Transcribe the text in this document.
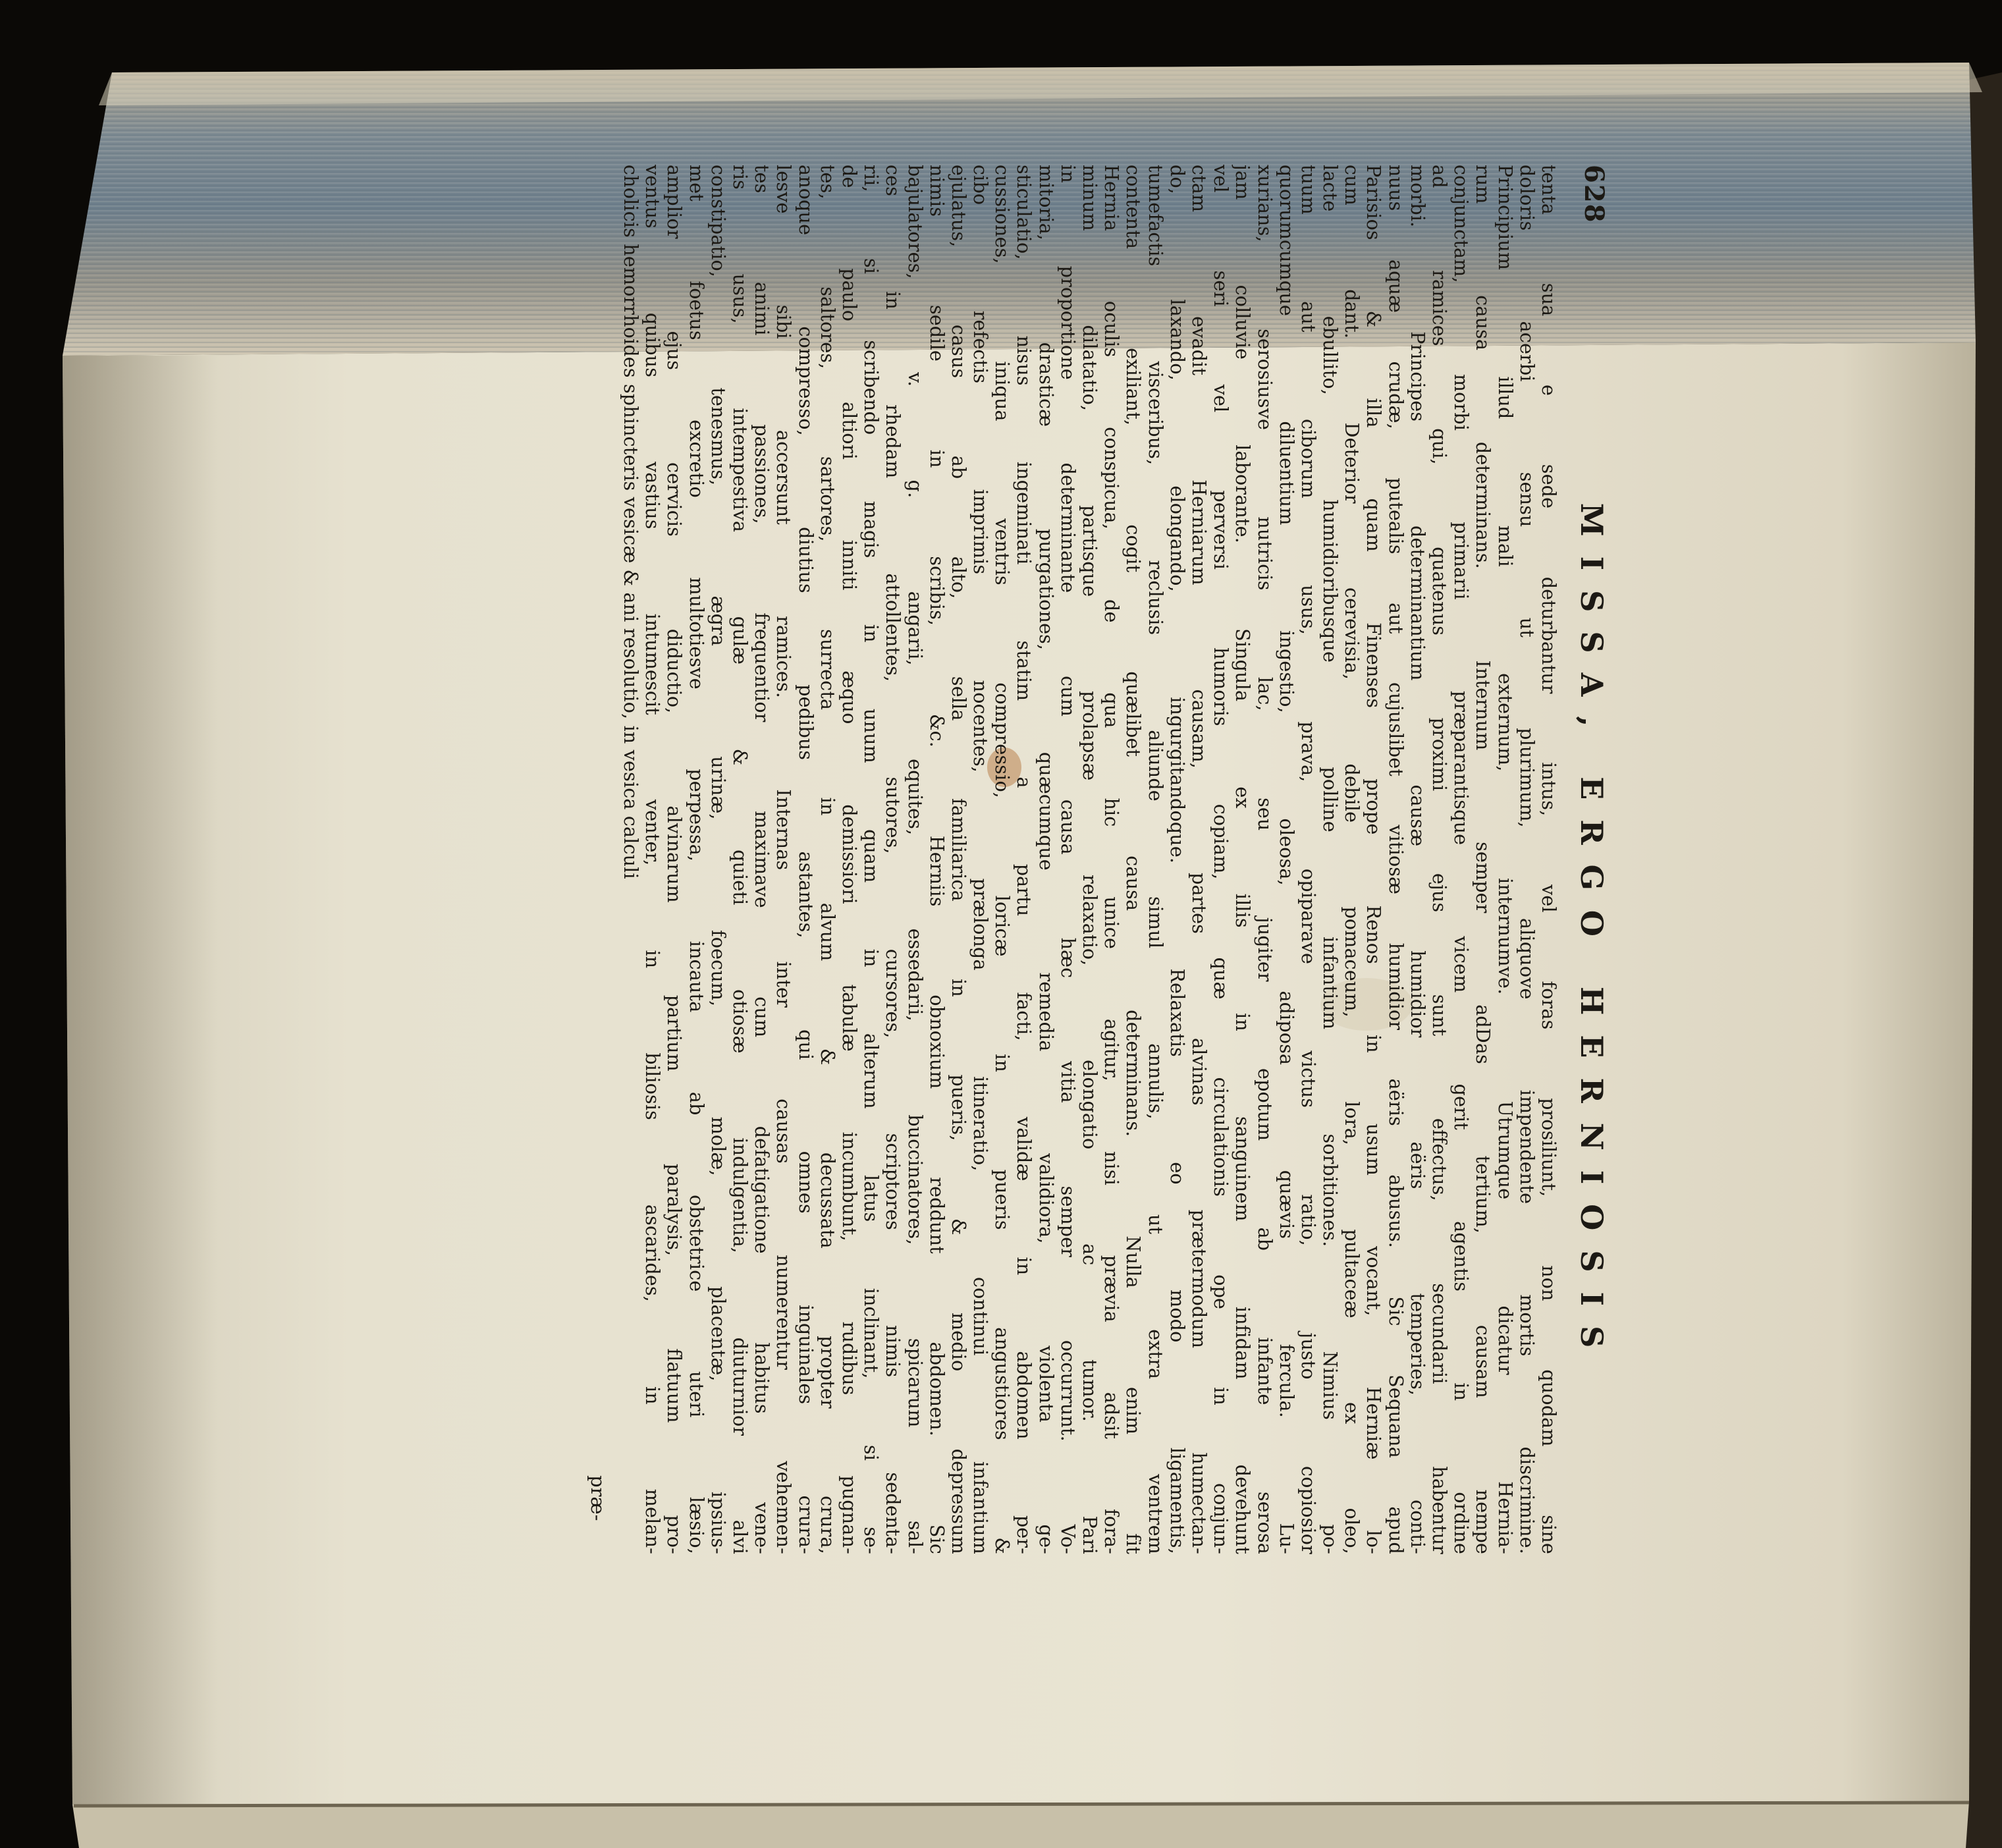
628
MISSA, ERGO HERNIOSIS
tenta sua e sede deturbantur intus, vel foras prosiliunt, non quodam sine
doloris acerbi sensu ut plurimum, aliquove impendente mortis discrimine.
Principium illud mali externum, internumve. Utrumque dicatur Hernia-
rum causa determinans. Internum semper adDas tertium, causam nempe
conjunctam, morbi primarii præparantisque vicem gerit agentis in ordine
ad ramices qui, quatenus proximi ejus sunt effectus, secundarii habentur
morbi. Principes determinantium causæ humidior aëris temperies, conti-
nuus aquæ crudæ, putealis aut cujuslibet vitiosæ humidior aëris abusus. Sic Sequana apud
Parisios & illa quam Finenses prope Renos in usum vocant, Herniæ lo-
cum dant. Deterior cerevisia, debile pomaceum, lora, pultaceæ ex oleo,
lacte ebullito, humidioribusque polline infantium sorbitiones. Nimius po-
tuum aut ciborum usus, prava, opiparave victus ratio, justo copiosior
quorumcumque diluentium ingestio, oleosa, adiposa quævis fercula. Lu-
xurians, serosiusve nutricis lac, seu jugiter epotum ab infante serosa
jam colluvie laborante. Singula ex illis in sanguinem infidam devehunt
vel seri vel perversi humoris copiam, quæ circulationis ope in conjun-
ctam evadit Herniarum causam, partes alvinas prætermodum humectan-
do, laxando, elongando, ingurgitandoque. Relaxatis eo modo ligamentis,
tumefactis visceribus, reclusis aliunde simul annulis, ut extra ventrem
contenta exiliant, cogit quælibet causa determinans. Nulla enim fit
Hernia oculis conspicua, de qua hic unice agitur, nisi prævia adsit fora-
minum dilatatio, partisque prolapsæ relaxatio, elongatio ac tumor. Pari
in proportione determinante cum causa hæc vitia semper occurrunt. Vo-
mitoria, drasticæ purgationes, quæcumque remedia validiora, violenta ge-
sticulatio, nisus ingeminati statim a partu facti, validæ in abdomen per-
cussiones, iniqua ventris compressio, loricæ in pueris angustiores &
cibo refectis imprimis nocentes, prælonga itineratio, continui infantium
ejulatus, casus ab alto, sella familiarica in pueris, & medio depressum
nimis sedile in scribis, &c. Herniis obnoxium reddunt abdomen. Sic
bajulatores, v. g. angarii, equites, essedarii, buccinatores, spicarum sal-
ces in rhedam attollentes, sutores, cursores, scriptores nimis sedenta-
rii, si scribendo magis in unum quam in alterum latus inclinant, si se-
de paulo altiori inniti æquo demissiori tabulæ incumbunt, rudibus pugnan-
tes, saltores, sartores, surrecta in alvum & decussata propter crura,
anoque compresso, diutius pedibus astantes, qui omnes inguinales crura-
lesve sibi accersunt ramices. Internas inter causas numerentur vehemen-
tes animi passiones, frequentior maximave cum defatigatione habitus vene-
ris usus, intempestiva gulæ & quieti otiosæ indulgentia, diuturnior alvi
constipatio, tenesmus, ægra urinæ, foecum, molæ, placentæ, ipsius-
met foetus excretio multotiesve perpessa, incauta ab obstetrice uteri læsio,
amplior ejus cervicis diductio, alvinarum partium paralysis, flatuum pro-
ventus quibus vastius intumescit venter, in biliosis ascarides, in melan-
cholicis hemorrhoides sphincteris vesicæ & ani resolutio, in vesica calculi
præ-
